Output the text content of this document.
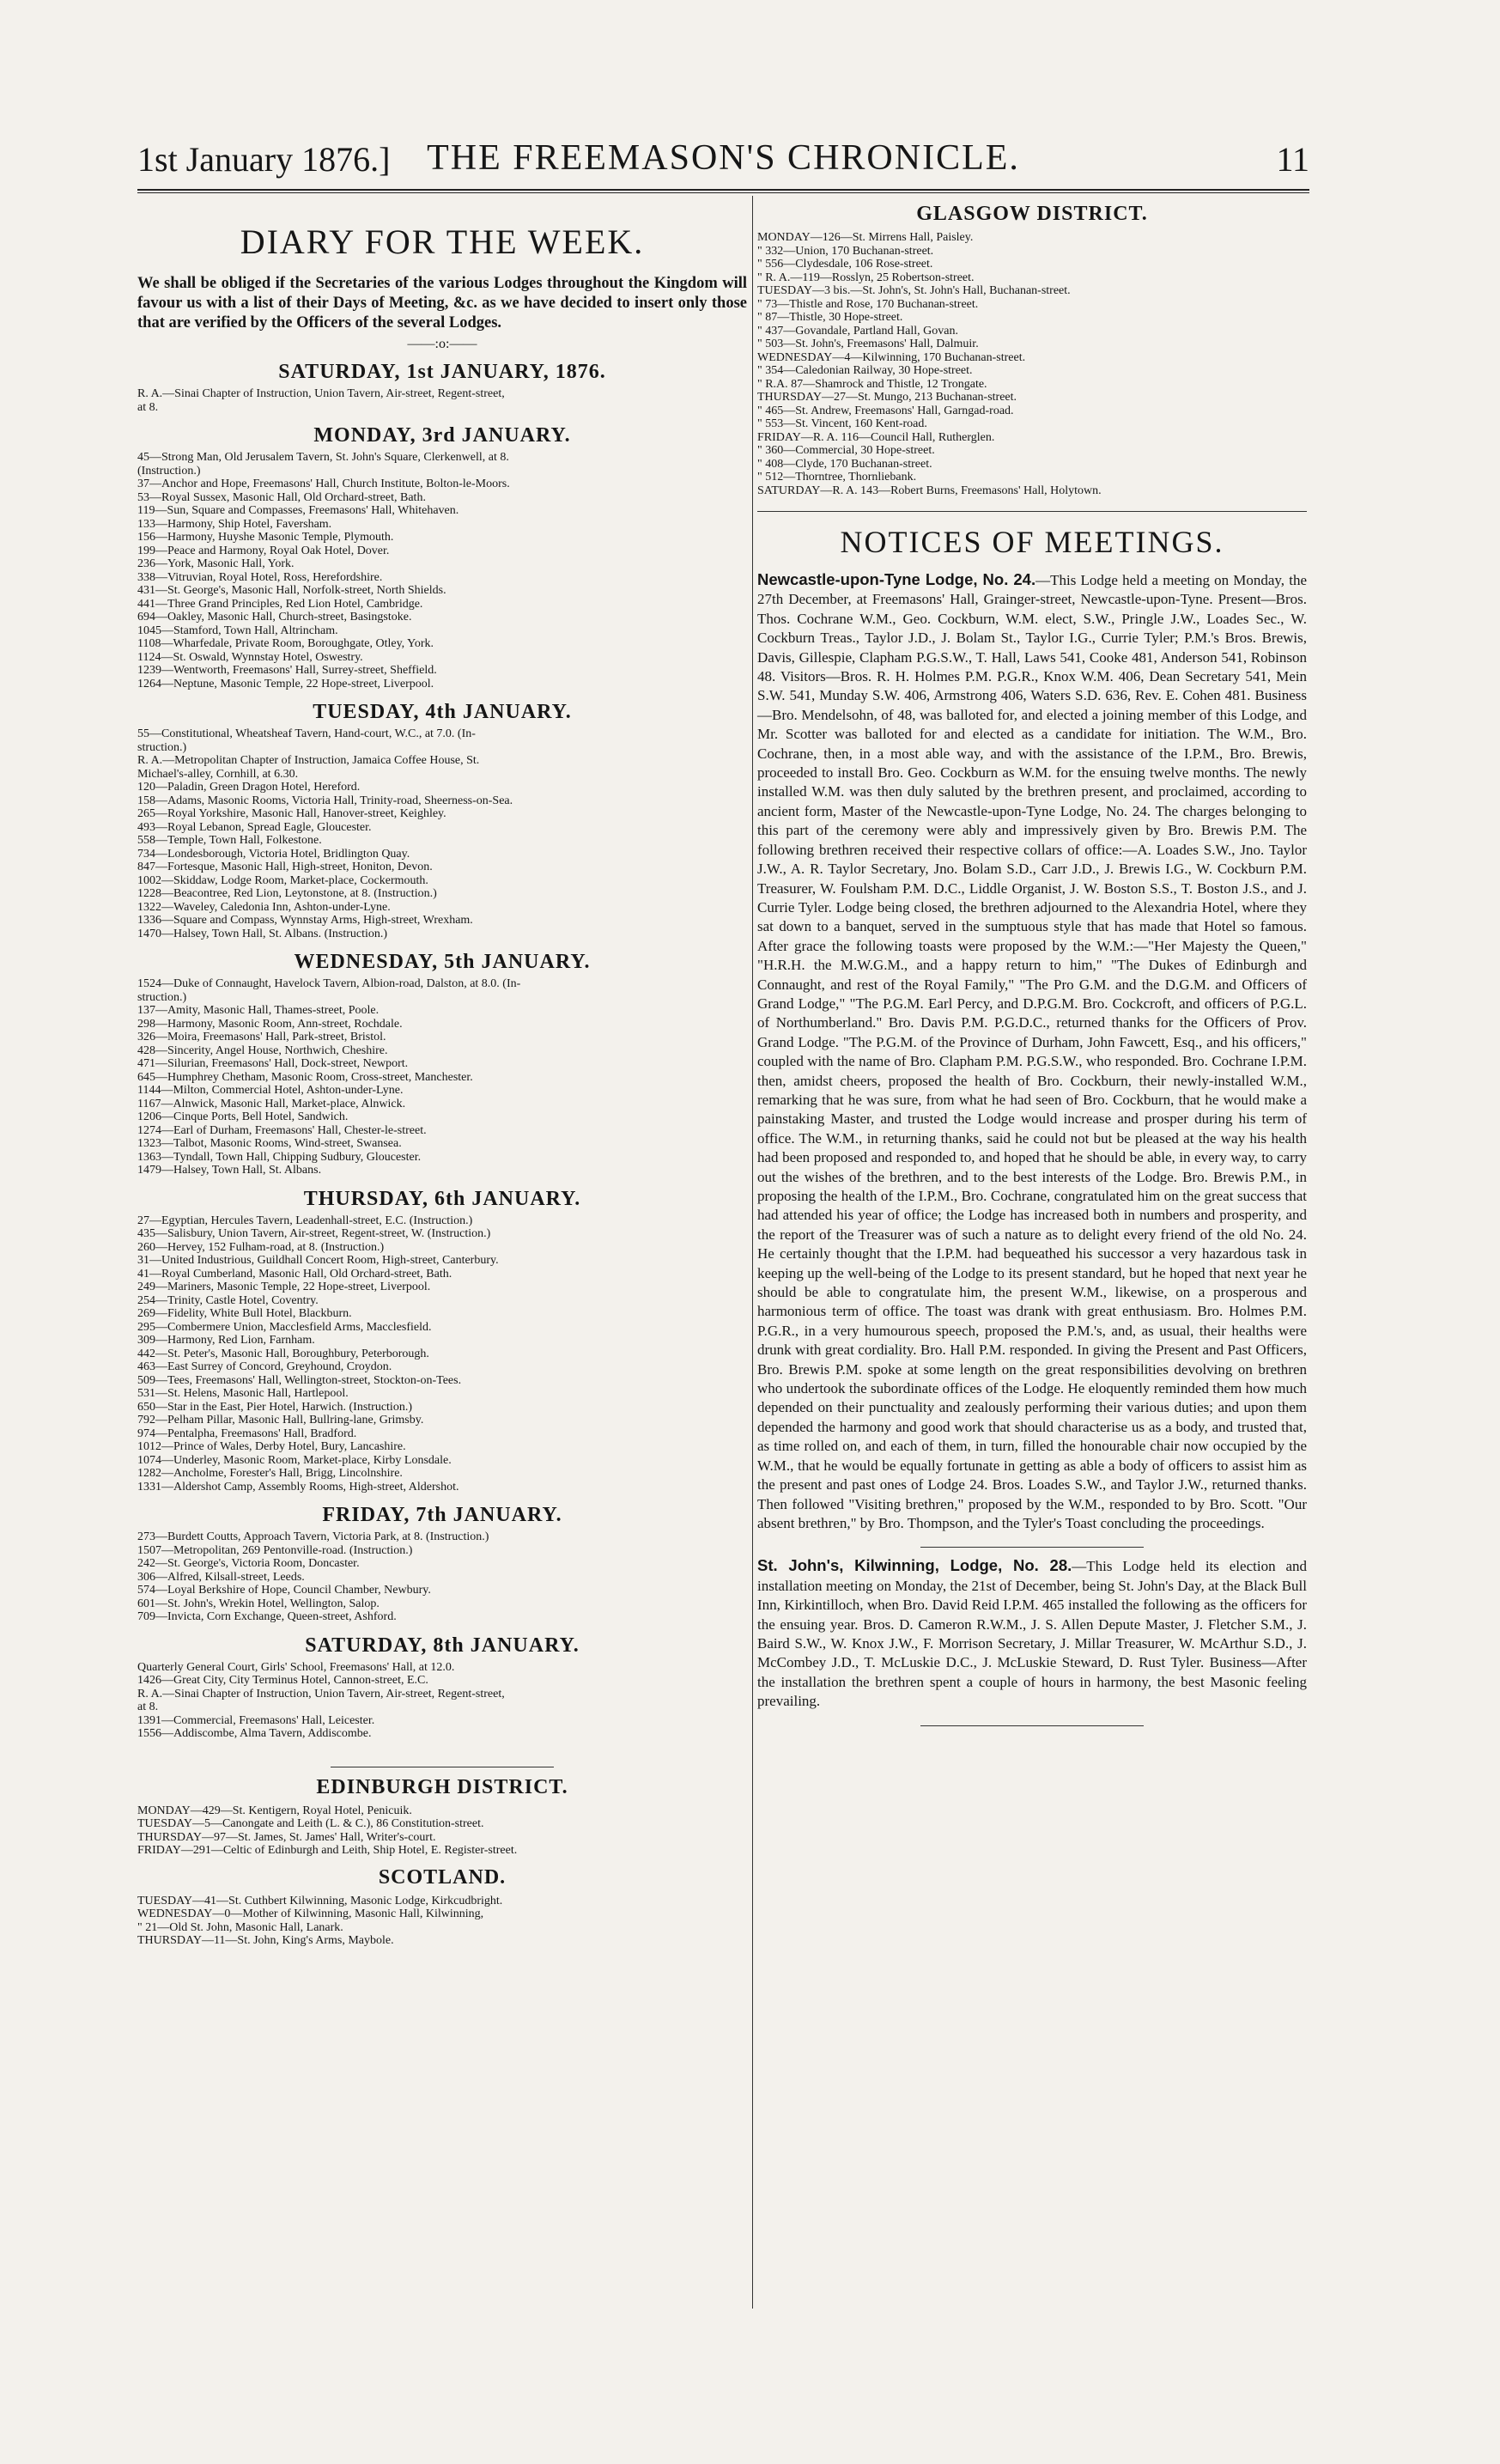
1st January 1876.]	THE FREEMASON'S CHRONICLE.	11
DIARY FOR THE WEEK.
We shall be obliged if the Secretaries of the various Lodges throughout the Kingdom will favour us with a list of their Days of Meeting, &c. as we have decided to insert only those that are verified by the Officers of the several Lodges.
——:o:——
SATURDAY, 1st JANUARY, 1876.
R. A.—Sinai Chapter of Instruction, Union Tavern, Air-street, Regent-street,
at 8.
MONDAY, 3rd JANUARY.
45—Strong Man, Old Jerusalem Tavern, St. John's Square, Clerkenwell, at 8.
(Instruction.)
37—Anchor and Hope, Freemasons' Hall, Church Institute, Bolton-le-Moors.
53—Royal Sussex, Masonic Hall, Old Orchard-street, Bath.
119—Sun, Square and Compasses, Freemasons' Hall, Whitehaven.
133—Harmony, Ship Hotel, Faversham.
156—Harmony, Huyshe Masonic Temple, Plymouth.
199—Peace and Harmony, Royal Oak Hotel, Dover.
236—York, Masonic Hall, York.
338—Vitruvian, Royal Hotel, Ross, Herefordshire.
431—St. George's, Masonic Hall, Norfolk-street, North Shields.
441—Three Grand Principles, Red Lion Hotel, Cambridge.
694—Oakley, Masonic Hall, Church-street, Basingstoke.
1045—Stamford, Town Hall, Altrincham.
1108—Wharfedale, Private Room, Boroughgate, Otley, York.
1124—St. Oswald, Wynnstay Hotel, Oswestry.
1239—Wentworth, Freemasons' Hall, Surrey-street, Sheffield.
1264—Neptune, Masonic Temple, 22 Hope-street, Liverpool.
TUESDAY, 4th JANUARY.
55—Constitutional, Wheatsheaf Tavern, Hand-court, W.C., at 7.0. (In-
struction.)
R. A.—Metropolitan Chapter of Instruction, Jamaica Coffee House, St.
Michael's-alley, Cornhill, at 6.30.
120—Paladin, Green Dragon Hotel, Hereford.
158—Adams, Masonic Rooms, Victoria Hall, Trinity-road, Sheerness-on-Sea.
265—Royal Yorkshire, Masonic Hall, Hanover-street, Keighley.
493—Royal Lebanon, Spread Eagle, Gloucester.
558—Temple, Town Hall, Folkestone.
734—Londesborough, Victoria Hotel, Bridlington Quay.
847—Fortesque, Masonic Hall, High-street, Honiton, Devon.
1002—Skiddaw, Lodge Room, Market-place, Cockermouth.
1228—Beacontree, Red Lion, Leytonstone, at 8. (Instruction.)
1322—Waveley, Caledonia Inn, Ashton-under-Lyne.
1336—Square and Compass, Wynnstay Arms, High-street, Wrexham.
1470—Halsey, Town Hall, St. Albans. (Instruction.)
WEDNESDAY, 5th JANUARY.
1524—Duke of Connaught, Havelock Tavern, Albion-road, Dalston, at 8.0. (In-
struction.)
137—Amity, Masonic Hall, Thames-street, Poole.
298—Harmony, Masonic Room, Ann-street, Rochdale.
326—Moira, Freemasons' Hall, Park-street, Bristol.
428—Sincerity, Angel House, Northwich, Cheshire.
471—Silurian, Freemasons' Hall, Dock-street, Newport.
645—Humphrey Chetham, Masonic Room, Cross-street, Manchester.
1144—Milton, Commercial Hotel, Ashton-under-Lyne.
1167—Alnwick, Masonic Hall, Market-place, Alnwick.
1206—Cinque Ports, Bell Hotel, Sandwich.
1274—Earl of Durham, Freemasons' Hall, Chester-le-street.
1323—Talbot, Masonic Rooms, Wind-street, Swansea.
1363—Tyndall, Town Hall, Chipping Sudbury, Gloucester.
1479—Halsey, Town Hall, St. Albans.
THURSDAY, 6th JANUARY.
27—Egyptian, Hercules Tavern, Leadenhall-street, E.C. (Instruction.)
435—Salisbury, Union Tavern, Air-street, Regent-street, W. (Instruction.)
260—Hervey, 152 Fulham-road, at 8. (Instruction.)
31—United Industrious, Guildhall Concert Room, High-street, Canterbury.
41—Royal Cumberland, Masonic Hall, Old Orchard-street, Bath.
249—Mariners, Masonic Temple, 22 Hope-street, Liverpool.
254—Trinity, Castle Hotel, Coventry.
269—Fidelity, White Bull Hotel, Blackburn.
295—Combermere Union, Macclesfield Arms, Macclesfield.
309—Harmony, Red Lion, Farnham.
442—St. Peter's, Masonic Hall, Boroughbury, Peterborough.
463—East Surrey of Concord, Greyhound, Croydon.
509—Tees, Freemasons' Hall, Wellington-street, Stockton-on-Tees.
531—St. Helens, Masonic Hall, Hartlepool.
650—Star in the East, Pier Hotel, Harwich. (Instruction.)
792—Pelham Pillar, Masonic Hall, Bullring-lane, Grimsby.
974—Pentalpha, Freemasons' Hall, Bradford.
1012—Prince of Wales, Derby Hotel, Bury, Lancashire.
1074—Underley, Masonic Room, Market-place, Kirby Lonsdale.
1282—Ancholme, Forester's Hall, Brigg, Lincolnshire.
1331—Aldershot Camp, Assembly Rooms, High-street, Aldershot.
FRIDAY, 7th JANUARY.
273—Burdett Coutts, Approach Tavern, Victoria Park, at 8. (Instruction.)
1507—Metropolitan, 269 Pentonville-road. (Instruction.)
242—St. George's, Victoria Room, Doncaster.
306—Alfred, Kilsall-street, Leeds.
574—Loyal Berkshire of Hope, Council Chamber, Newbury.
601—St. John's, Wrekin Hotel, Wellington, Salop.
709—Invicta, Corn Exchange, Queen-street, Ashford.
SATURDAY, 8th JANUARY.
Quarterly General Court, Girls' School, Freemasons' Hall, at 12.0.
1426—Great City, City Terminus Hotel, Cannon-street, E.C.
R. A.—Sinai Chapter of Instruction, Union Tavern, Air-street, Regent-street,
at 8.
1391—Commercial, Freemasons' Hall, Leicester.
1556—Addiscombe, Alma Tavern, Addiscombe.
EDINBURGH DISTRICT.
MONDAY—429—St. Kentigern, Royal Hotel, Penicuik.
TUESDAY—5—Canongate and Leith (L. & C.), 86 Constitution-street.
THURSDAY—97—St. James, St. James' Hall, Writer's-court.
FRIDAY—291—Celtic of Edinburgh and Leith, Ship Hotel, E. Register-street.
SCOTLAND.
TUESDAY—41—St. Cuthbert Kilwinning, Masonic Lodge, Kirkcudbright.
WEDNESDAY—0—Mother of Kilwinning, Masonic Hall, Kilwinning,
" 21—Old St. John, Masonic Hall, Lanark.
THURSDAY—11—St. John, King's Arms, Maybole.
GLASGOW DISTRICT.
MONDAY—126—St. Mirrens Hall, Paisley.
" 332—Union, 170 Buchanan-street.
" 556—Clydesdale, 106 Rose-street.
" R. A.—119—Rosslyn, 25 Robertson-street.
TUESDAY—3 bis.—St. John's, St. John's Hall, Buchanan-street.
" 73—Thistle and Rose, 170 Buchanan-street.
" 87—Thistle, 30 Hope-street.
" 437—Govandale, Partland Hall, Govan.
" 503—St. John's, Freemasons' Hall, Dalmuir.
WEDNESDAY—4—Kilwinning, 170 Buchanan-street.
" 354—Caledonian Railway, 30 Hope-street.
" R.A. 87—Shamrock and Thistle, 12 Trongate.
THURSDAY—27—St. Mungo, 213 Buchanan-street.
" 465—St. Andrew, Freemasons' Hall, Garngad-road.
" 553—St. Vincent, 160 Kent-road.
FRIDAY—R. A. 116—Council Hall, Rutherglen.
" 360—Commercial, 30 Hope-street.
" 408—Clyde, 170 Buchanan-street.
" 512—Thorntree, Thornliebank.
SATURDAY—R. A. 143—Robert Burns, Freemasons' Hall, Holytown.
NOTICES OF MEETINGS.

Newcastle-upon-Tyne Lodge, No. 24.—This Lodge held a meeting on Monday, the 27th December, at Freemasons' Hall, Grainger-street, Newcastle-upon-Tyne. Present—Bros. Thos. Cochrane W.M., Geo. Cockburn, W.M. elect, S.W., Pringle J.W., Loades Sec., W. Cockburn Treas., Taylor J.D., J. Bolam St., Taylor I.G., Currie Tyler; P.M.'s Bros. Brewis, Davis, Gillespie, Clapham P.G.S.W., T. Hall, Laws 541, Cooke 481, Anderson 541, Robinson 48. Visitors—Bros. R. H. Holmes P.M. P.G.R., Knox W.M. 406, Dean Secretary 541, Mein S.W. 541, Munday S.W. 406, Armstrong 406, Waters S.D. 636, Rev. E. Cohen 481. Business—Bro. Mendelsohn, of 48, was balloted for, and elected a joining member of this Lodge, and Mr. Scotter was balloted for and elected as a candidate for initiation. The W.M., Bro. Cochrane, then, in a most able way, and with the assistance of the I.P.M., Bro. Brewis, proceeded to install Bro. Geo. Cockburn as W.M. for the ensuing twelve months. The newly installed W.M. was then duly saluted by the brethren present, and proclaimed, according to ancient form, Master of the Newcastle-upon-Tyne Lodge, No. 24. The charges belonging to this part of the ceremony were ably and impressively given by Bro. Brewis P.M. The following brethren received their respective collars of office:—A. Loades S.W., Jno. Taylor J.W., A. R. Taylor Secretary, Jno. Bolam S.D., Carr J.D., J. Brewis I.G., W. Cockburn P.M. Treasurer, W. Foulsham P.M. D.C., Liddle Organist, J. W. Boston S.S., T. Boston J.S., and J. Currie Tyler. Lodge being closed, the brethren adjourned to the Alexandria Hotel, where they sat down to a banquet, served in the sumptuous style that has made that Hotel so famous. After grace the following toasts were proposed by the W.M.:—"Her Majesty the Queen," "H.R.H. the M.W.G.M., and a happy return to him," "The Dukes of Edinburgh and Connaught, and rest of the Royal Family," "The Pro G.M. and the D.G.M. and Officers of Grand Lodge," "The P.G.M. Earl Percy, and D.P.G.M. Bro. Cockcroft, and officers of P.G.L. of Northumberland." Bro. Davis P.M. P.G.D.C., returned thanks for the Officers of Prov. Grand Lodge. "The P.G.M. of the Province of Durham, John Fawcett, Esq., and his officers," coupled with the name of Bro. Clapham P.M. P.G.S.W., who responded. Bro. Cochrane I.P.M. then, amidst cheers, proposed the health of Bro. Cockburn, their newly-installed W.M., remarking that he was sure, from what he had seen of Bro. Cockburn, that he would make a painstaking Master, and trusted the Lodge would increase and prosper during his term of office. The W.M., in returning thanks, said he could not but be pleased at the way his health had been proposed and responded to, and hoped that he should be able, in every way, to carry out the wishes of the brethren, and to the best interests of the Lodge. Bro. Brewis P.M., in proposing the health of the I.P.M., Bro. Cochrane, congratulated him on the great success that had attended his year of office; the Lodge has increased both in numbers and prosperity, and the report of the Treasurer was of such a nature as to delight every friend of the old No. 24. He certainly thought that the I.P.M. had bequeathed his successor a very hazardous task in keeping up the well-being of the Lodge to its present standard, but he hoped that next year he should be able to congratulate him, the present W.M., likewise, on a prosperous and harmonious term of office. The toast was drank with great enthusiasm. Bro. Holmes P.M. P.G.R., in a very humourous speech, proposed the P.M.'s, and, as usual, their healths were drunk with great cordiality. Bro. Hall P.M. responded. In giving the Present and Past Officers, Bro. Brewis P.M. spoke at some length on the great responsibilities devolving on brethren who undertook the subordinate offices of the Lodge. He eloquently reminded them how much depended on their punctuality and zealously performing their various duties; and upon them depended the harmony and good work that should characterise us as a body, and trusted that, as time rolled on, and each of them, in turn, filled the honourable chair now occupied by the W.M., that he would be equally fortunate in getting as able a body of officers to assist him as the present and past ones of Lodge 24. Bros. Loades S.W., and Taylor J.W., returned thanks. Then followed "Visiting brethren," proposed by the W.M., responded to by Bro. Scott. "Our absent brethren," by Bro. Thompson, and the Tyler's Toast concluding the proceedings.

St. John's, Kilwinning, Lodge, No. 28.—This Lodge held its election and installation meeting on Monday, the 21st of December, being St. John's Day, at the Black Bull Inn, Kirkintilloch, when Bro. David Reid I.P.M. 465 installed the following as the officers for the ensuing year. Bros. D. Cameron R.W.M., J. S. Allen Depute Master, J. Fletcher S.M., J. Baird S.W., W. Knox J.W., F. Morrison Secretary, J. Millar Treasurer, W. McArthur S.D., J. McCombey J.D., T. McLuskie D.C., J. McLuskie Steward, D. Rust Tyler. Business—After the installation the brethren spent a couple of hours in harmony, the best Masonic feeling prevailing.
